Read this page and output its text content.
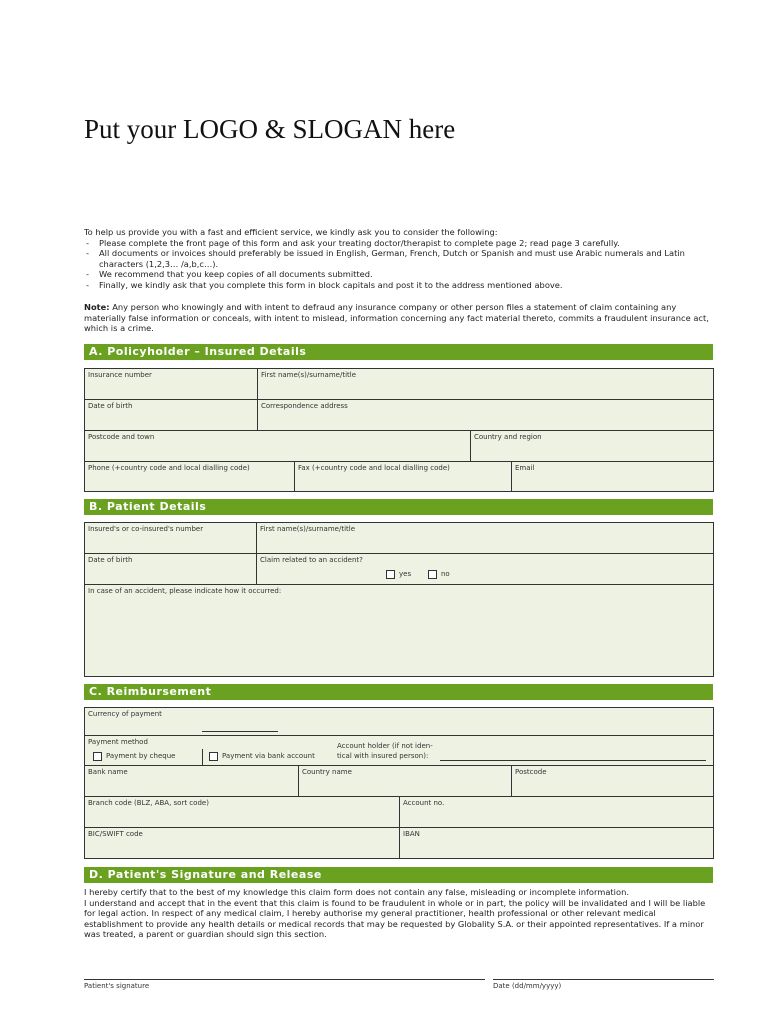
Put your LOGO & SLOGAN here

To help us provide you with a fast and efficient service, we kindly ask you to consider the following:

- Please complete the front page of this form and ask your treating doctor/therapist to complete page 2; read page 3 carefully.
- All documents or invoices should preferably be issued in English, German, French, Dutch or Spanish and must use Arabic numerals and Latin characters (1,2,3… /a,b,c…).
- We recommend that you keep copies of all documents submitted.
- Finally, we kindly ask that you complete this form in block capitals and post it to the address mentioned above.
Note: Any person who knowingly and with intent to defraud any insurance company or other person files a statement of claim containing any materially false information or conceals, with intent to mislead, information concerning any fact material thereto, commits a fraudulent insurance act, which is a crime.
A. Policyholder – Insured Details
Insurance number	First name(s)/surname/title
Date of birth	Correspondence address
Postcode and town	Country and region
Phone (+country code and local dialling code)	Fax (+country code and local dialling code)	Email
B. Patient Details
Insured's or co-insured's number	First name(s)/surname/title
Date of birth	Claim related to an accident?
yes	no
In case of an accident, please indicate how it occurred:
C. Reimbursement
Currency of payment
Payment method
Payment by cheque	Payment via bank account
Account holder (if not iden-
tical with insured person):
Bank name	Country name	Postcode
Branch code (BLZ, ABA, sort code)	Account no.
BIC/SWIFT code	IBAN
D. Patient's Signature and Release

I hereby certify that to the best of my knowledge this claim form does not contain any false, misleading or incomplete information.

I understand and accept that in the event that this claim is found to be fraudulent in whole or in part, the policy will be invalidated and I will be liable for legal action. In respect of any medical claim, I hereby authorise my general practitioner, health professional or other relevant medical establishment to provide any health details or medical records that may be requested by Globality S.A. or their appointed representatives. If a minor was treated, a parent or guardian should sign this section.

Patient's signature	Date (dd/mm/yyyy)
